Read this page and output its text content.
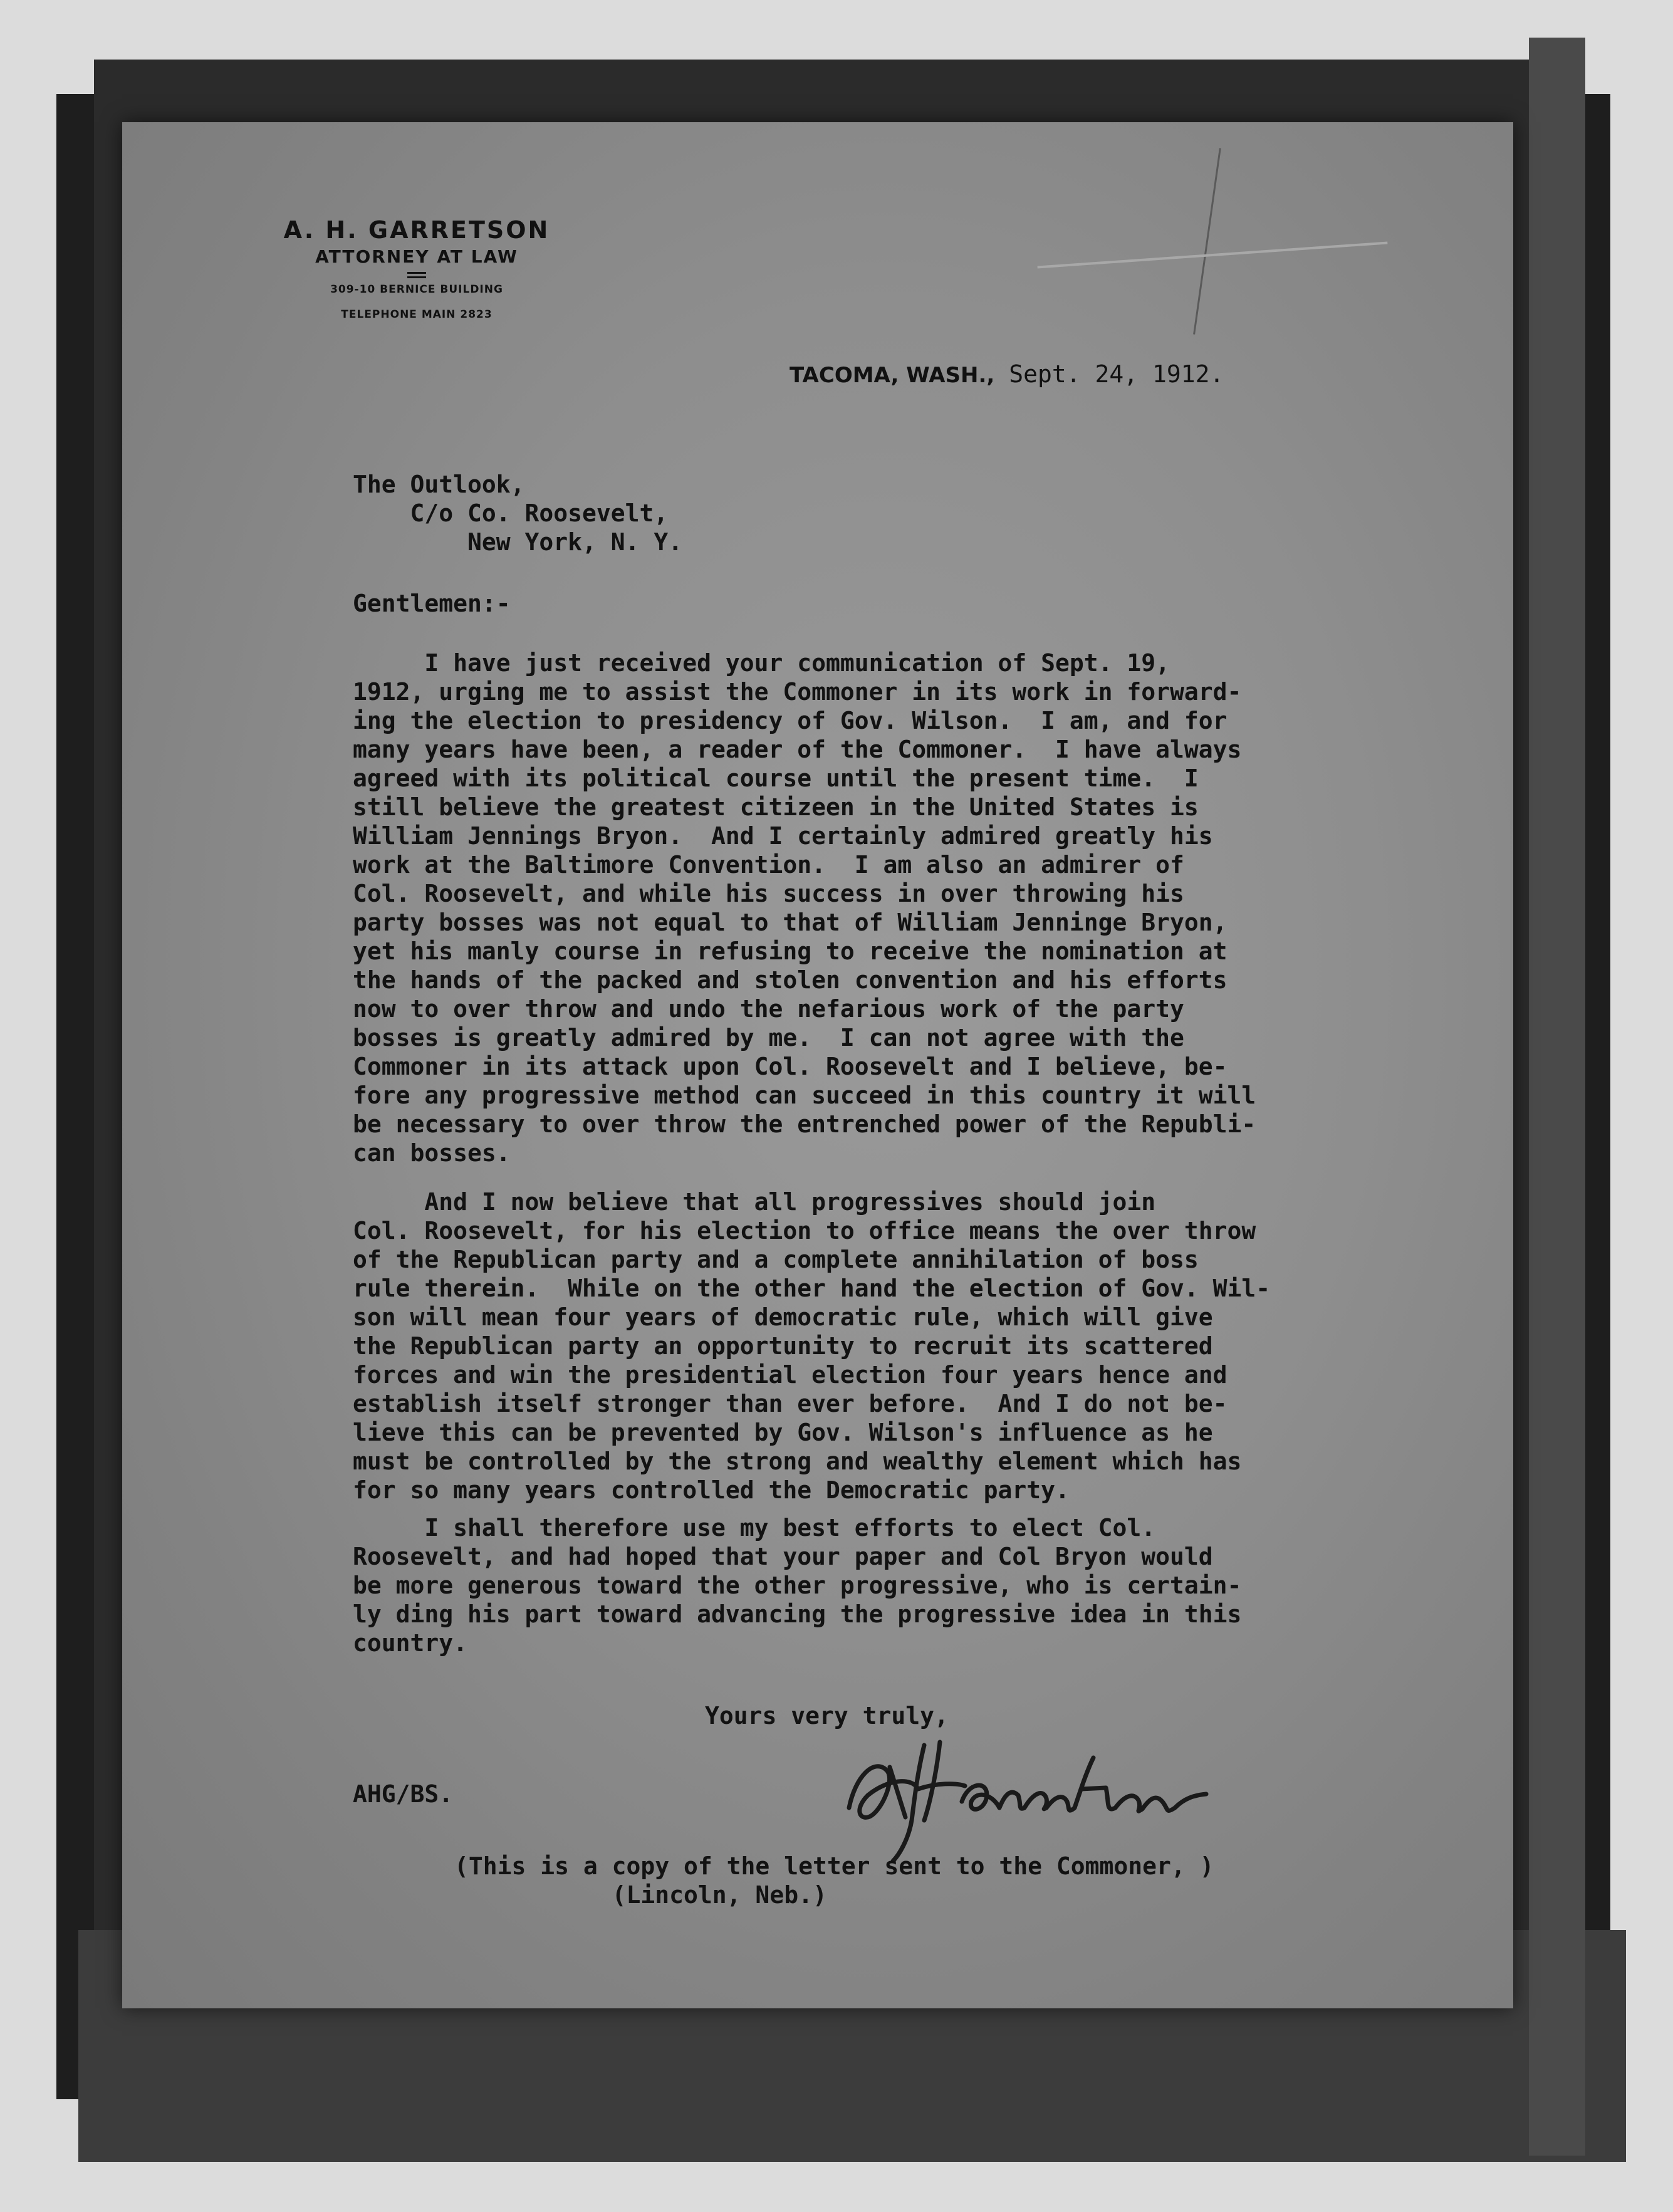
A. H. GARRETSON
ATTORNEY AT LAW
309-10 BERNICE BUILDING
TELEPHONE MAIN 2823
TACOMA, WASH., Sept. 24, 1912.
The Outlook,
C/o Co. Roosevelt,
New York, N. Y.
Gentlemen:-
I have just received your communication of Sept. 19,
1912, urging me to assist the Commoner in its work in forward-
ing the election to presidency of Gov. Wilson.  I am, and for
many years have been, a reader of the Commoner.  I have always
agreed with its political course until the present time.  I
still believe the greatest citizeen in the United States is
William Jennings Bryon.  And I certainly admired greatly his
work at the Baltimore Convention.  I am also an admirer of
Col. Roosevelt, and while his success in over throwing his
party bosses was not equal to that of William Jenninge Bryon,
yet his manly course in refusing to receive the nomination at
the hands of the packed and stolen convention and his efforts
now to over throw and undo the nefarious work of the party
bosses is greatly admired by me.  I can not agree with the
Commoner in its attack upon Col. Roosevelt and I believe, be-
fore any progressive method can succeed in this country it will
be necessary to over throw the entrenched power of the Republi-
can bosses.
And I now believe that all progressives should join
Col. Roosevelt, for his election to office means the over throw
of the Republican party and a complete annihilation of boss
rule therein.  While on the other hand the election of Gov. Wil-
son will mean four years of democratic rule, which will give
the Republican party an opportunity to recruit its scattered
forces and win the presidential election four years hence and
establish itself stronger than ever before.  And I do not be-
lieve this can be prevented by Gov. Wilson's influence as he
must be controlled by the strong and wealthy element which has
for so many years controlled the Democratic party.
I shall therefore use my best efforts to elect Col.
Roosevelt, and had hoped that your paper and Col Bryon would
be more generous toward the other progressive, who is certain-
ly ding his part toward advancing the progressive idea in this
country.
Yours very truly,
AHG/BS.
(This is a copy of the letter sent to the Commoner, )
(Lincoln, Neb.)
